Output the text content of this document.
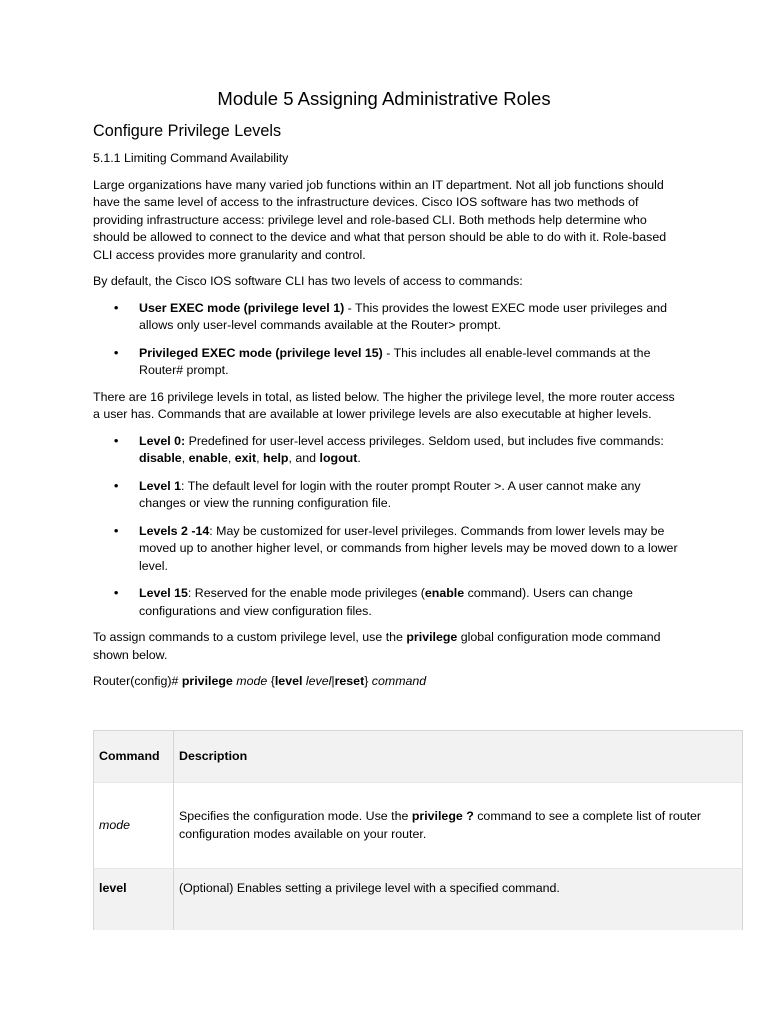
Module 5 Assigning Administrative Roles
Configure Privilege Levels
5.1.1 Limiting Command Availability

Large organizations have many varied job functions within an IT department. Not all job functions should have the same level of access to the infrastructure devices. Cisco IOS software has two methods of providing infrastructure access: privilege level and role-based CLI. Both methods help determine who should be allowed to connect to the device and what that person should be able to do with it. Role-based CLI access provides more granularity and control.

By default, the Cisco IOS software CLI has two levels of access to commands:

• User EXEC mode (privilege level 1) - This provides the lowest EXEC mode user privileges and allows only user-level commands available at the Router> prompt.
• Privileged EXEC mode (privilege level 15) - This includes all enable-level commands at the Router# prompt.

There are 16 privilege levels in total, as listed below. The higher the privilege level, the more router access a user has. Commands that are available at lower privilege levels are also executable at higher levels.

• Level 0: Predefined for user-level access privileges. Seldom used, but includes five commands: disable, enable, exit, help, and logout.
• Level 1: The default level for login with the router prompt Router >. A user cannot make any changes or view the running configuration file.
• Levels 2 -14: May be customized for user-level privileges. Commands from lower levels may be moved up to another higher level, or commands from higher levels may be moved down to a lower level.
• Level 15: Reserved for the enable mode privileges (enable command). Users can change configurations and view configuration files.

To assign commands to a custom privilege level, use the privilege global configuration mode command shown below.

Router(config)# privilege mode {level level|reset} command
Command	Description
mode	Specifies the configuration mode. Use the privilege ? command to see a complete list of router configuration modes available on your router.
level	(Optional) Enables setting a privilege level with a specified command.
